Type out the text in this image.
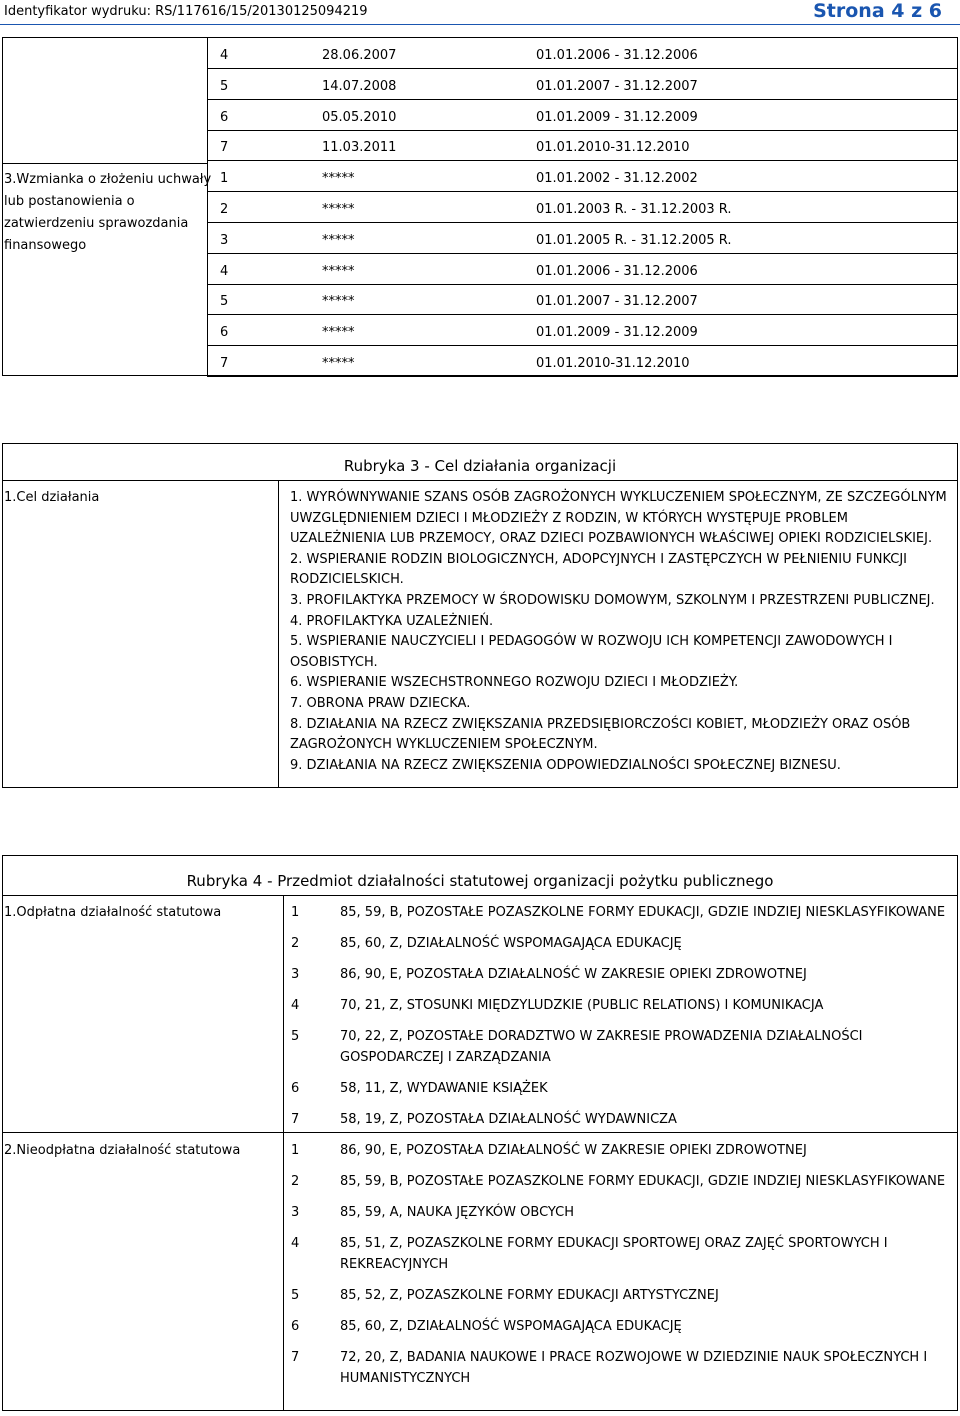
Identyfikator wydruku: RS/117616/15/20130125094219	Strona 4 z 6
4	28.06.2007	01.01.2006 - 31.12.2006
5	14.07.2008	01.01.2007 - 31.12.2007
6	05.05.2010	01.01.2009 - 31.12.2009
7	11.03.2011	01.01.2010-31.12.2010
1	*****	01.01.2002 - 31.12.2002
2	*****	01.01.2003 R. - 31.12.2003 R.
3	*****	01.01.2005 R. - 31.12.2005 R.
4	*****	01.01.2006 - 31.12.2006
5	*****	01.01.2007 - 31.12.2007
6	*****	01.01.2009 - 31.12.2009
7	*****	01.01.2010-31.12.2010
3.Wzmianka o złożeniu uchwały
lub postanowienia o
zatwierdzeniu sprawozdania
finansowego
Rubryka 3 - Cel działania organizacji
1.Cel działania	1. WYRÓWNYWANIE SZANS OSÓB ZAGROŻONYCH WYKLUCZENIEM SPOŁECZNYM, ZE SZCZEGÓLNYM
UWZGLĘDNIENIEM DZIECI I MŁODZIEŻY Z RODZIN, W KTÓRYCH WYSTĘPUJE PROBLEM
UZALEŻNIENIA LUB PRZEMOCY, ORAZ DZIECI POZBAWIONYCH WŁAŚCIWEJ OPIEKI RODZICIELSKIEJ.
2. WSPIERANIE RODZIN BIOLOGICZNYCH, ADOPCYJNYCH I ZASTĘPCZYCH W PEŁNIENIU FUNKCJI
RODZICIELSKICH.
3. PROFILAKTYKA PRZEMOCY W ŚRODOWISKU DOMOWYM, SZKOLNYM I PRZESTRZENI PUBLICZNEJ.
4. PROFILAKTYKA UZALEŻNIEŃ.
5. WSPIERANIE NAUCZYCIELI I PEDAGOGÓW W ROZWOJU ICH KOMPETENCJI ZAWODOWYCH I
OSOBISTYCH.
6. WSPIERANIE WSZECHSTRONNEGO ROZWOJU DZIECI I MŁODZIEŻY.
7. OBRONA PRAW DZIECKA.
8. DZIAŁANIA NA RZECZ ZWIĘKSZANIA PRZEDSIĘBIORCZOŚCI KOBIET, MŁODZIEŻY ORAZ OSÓB
ZAGROŻONYCH WYKLUCZENIEM SPOŁECZNYM.
9. DZIAŁANIA NA RZECZ ZWIĘKSZENIA ODPOWIEDZIALNOŚCI SPOŁECZNEJ BIZNESU.
Rubryka 4 - Przedmiot działalności statutowej organizacji pożytku publicznego
1.Odpłatna działalność statutowa	1	85, 59, B, POZOSTAŁE POZASZKOLNE FORMY EDUKACJI, GDZIE INDZIEJ NIESKLASYFIKOWANE
2	85, 60, Z, DZIAŁALNOŚĆ WSPOMAGAJĄCA EDUKACJĘ
3	86, 90, E, POZOSTAŁA DZIAŁALNOŚĆ W ZAKRESIE OPIEKI ZDROWOTNEJ
4	70, 21, Z, STOSUNKI MIĘDZYLUDZKIE (PUBLIC RELATIONS) I KOMUNIKACJA
5	70, 22, Z, POZOSTAŁE DORADZTWO W ZAKRESIE PROWADZENIA DZIAŁALNOŚCI
GOSPODARCZEJ I ZARZĄDZANIA
6	58, 11, Z, WYDAWANIE KSIĄŻEK
7	58, 19, Z, POZOSTAŁA DZIAŁALNOŚĆ WYDAWNICZA
2.Nieodpłatna działalność statutowa	1	86, 90, E, POZOSTAŁA DZIAŁALNOŚĆ W ZAKRESIE OPIEKI ZDROWOTNEJ
2	85, 59, B, POZOSTAŁE POZASZKOLNE FORMY EDUKACJI, GDZIE INDZIEJ NIESKLASYFIKOWANE
3	85, 59, A, NAUKA JĘZYKÓW OBCYCH
4	85, 51, Z, POZASZKOLNE FORMY EDUKACJI SPORTOWEJ ORAZ ZAJĘĆ SPORTOWYCH I
REKREACYJNYCH
5	85, 52, Z, POZASZKOLNE FORMY EDUKACJI ARTYSTYCZNEJ
6	85, 60, Z, DZIAŁALNOŚĆ WSPOMAGAJĄCA EDUKACJĘ
7	72, 20, Z, BADANIA NAUKOWE I PRACE ROZWOJOWE W DZIEDZINIE NAUK SPOŁECZNYCH I
HUMANISTYCZNYCH
